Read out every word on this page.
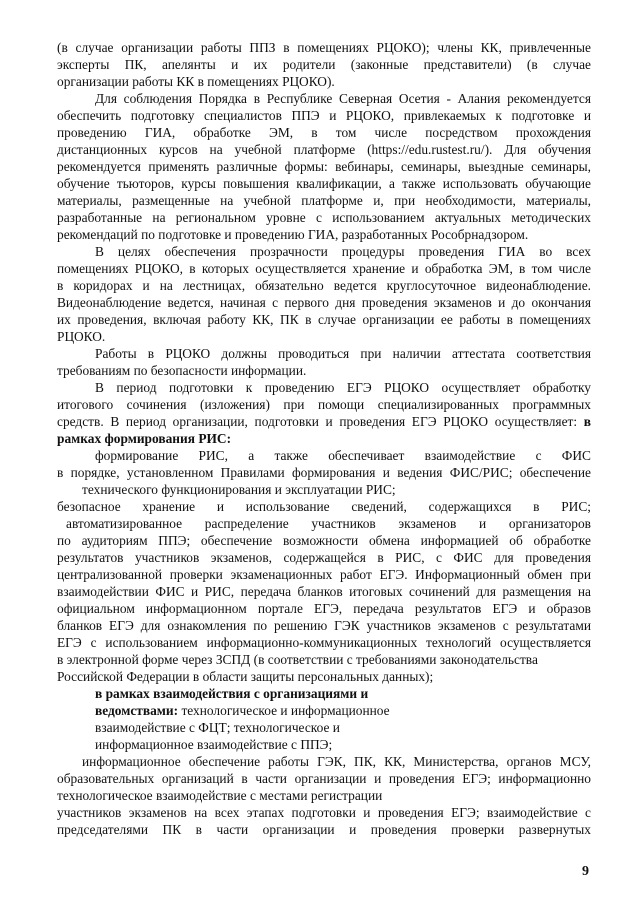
(в случае организации работы ППЗ в помещениях РЦОКО); члены КК, привлеченные
эксперты ПК, апелянты и их родители (законные представители) (в случае
организации работы КК в помещениях РЦОКО).
Для соблюдения Порядка в Республике Северная Осетия - Алания рекомендуется
обеспечить подготовку специалистов ППЭ и РЦОКО, привлекаемых к подготовке и
проведению ГИА, обработке ЭМ, в том числе посредством прохождения
дистанционных курсов на учебной платформе (https://edu.rustest.ru/). Для обучения
рекомендуется применять различные формы: вебинары, семинары, выездные семинары,
обучение тьюторов, курсы повышения квалификации, а также использовать обучающие
материалы, размещенные на учебной платформе и, при необходимости, материалы,
разработанные на региональном уровне с использованием актуальных методических
рекомендаций по подготовке и проведению ГИА, разработанных Рособрнадзором.
В целях обеспечения прозрачности процедуры проведения ГИА во всех
помещениях РЦОКО, в которых осуществляется хранение и обработка ЭМ, в том числе
в коридорах и на лестницах, обязательно ведется круглосуточное видеонаблюдение.
Видеонаблюдение ведется, начиная с первого дня проведения экзаменов и до окончания
их проведения, включая работу КК, ПК в случае организации ее работы в помещениях
РЦОКО.
Работы в РЦОКО должны проводиться при наличии аттестата соответствия
требованиям по безопасности информации.
В период подготовки к проведению ЕГЭ РЦОКО осуществляет обработку
итогового сочинения (изложения) при помощи специализированных программных
средств. В период организации, подготовки и проведения ЕГЭ РЦОКО осуществляет: в
рамках формирования РИС:
формирование РИС, а также обеспечивает взаимодействие с ФИС
в порядке, установленном Правилами формирования и ведения ФИС/РИС; обеспечение
технического функционирования и эксплуатации РИС;
безопасное хранение и использование сведений, содержащихся в РИС;
автоматизированное распределение участников экзаменов и организаторов
по аудиториям ППЭ; обеспечение возможности обмена информацией об обработке
результатов участников экзаменов, содержащейся в РИС, с ФИС для проведения
централизованной проверки экзаменационных работ ЕГЭ. Информационный обмен при
взаимодействии ФИС и РИС, передача бланков итоговых сочинений для размещения на
официальном информационном портале ЕГЭ, передача результатов ЕГЭ и образов
бланков ЕГЭ для ознакомления по решению ГЭК участников экзаменов с результатами
ЕГЭ с использованием информационно-коммуникационных технологий осуществляется
в электронной форме через ЗСПД (в соответствии с требованиями законодательства
Российской Федерации в области защиты персональных данных);
в рамках взаимодействия с организациями и
ведомствами: технологическое и информационное
взаимодействие с ФЦТ; технологическое и
информационное взаимодействие с ППЭ;
информационное обеспечение работы ГЭК, ПК, КК, Министерства, органов МСУ,
образовательных организаций в части организации и проведения ЕГЭ; информационно
технологическое взаимодействие с местами регистрации
участников экзаменов на всех этапах подготовки и проведения ЕГЭ; взаимодействие с
председателями ПК в части организации и проведения проверки развернутых
9
